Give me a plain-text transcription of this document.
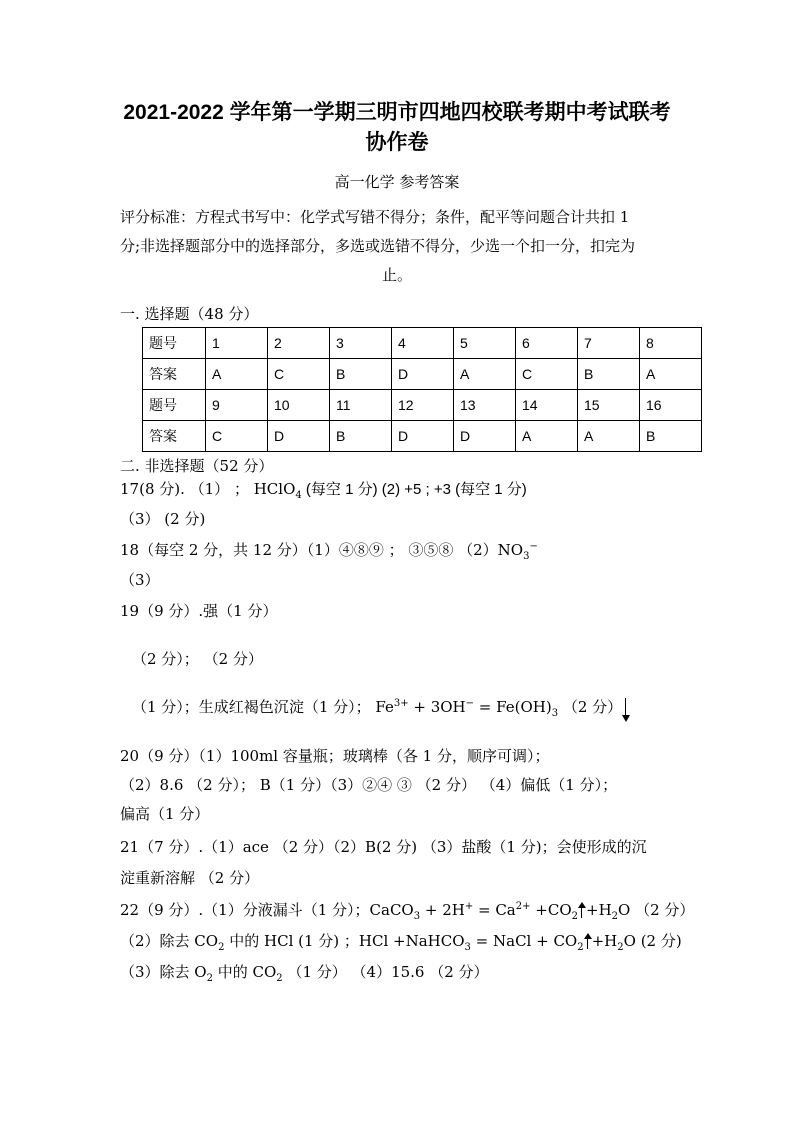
2021-2022 学年第一学期三明市四地四校联考期中考试联考
协作卷
高一化学 参考答案
评分标准：方程式书写中：化学式写错不得分；条件，配平等问题合计共扣 1
分;非选择题部分中的选择部分，多选或选错不得分，少选一个扣一分，扣完为
止。
一. 选择题（48 分）
题号	1	2	3	4	5	6	7	8
答案	A	C	B	D	A	C	B	A
题号	9	10	11	12	13	14	15	16
答案	C	D	B	D	D	A	A	B
二. 非选择题（52 分）
17(8 分). （1） ； HClO$_4$ (每空 1 分) (2) +5 ; +3 (每空 1 分)
（3） (2 分)
18（每空 2 分，共 12 分）（1）④⑧⑨ ； ③⑤⑧ $(2)NO_3^-$
（3）
19（9 分）.强（1 分）
（2 分）； （2 分）
（1 分）；生成红褐色沉淀（1 分）； $Fe^{3+} + 3OH^- = Fe(OH)_3$ （2 分）
20（9 分）（1）100ml 容量瓶；玻璃棒（各 1 分，顺序可调）；
（2）8.6 （2 分）； B（1 分）（3）②④ ③ （2 分） （4）偏低（1 分）；
偏高（1 分）
21（7 分）.（1）ace （2 分）（2）B(2 分) （3）盐酸（1 分)；会使形成的沉
淀重新溶解 （2 分）
22（9 分）.（1）分液漏斗（1 分）；CaCO$_3$ + $2H^+ = Ca^{2+} +CO_2 +H_2O$ （2 分）
（2）除去 $CO_2$ 中的 HCl (1 分) ；HCl +NaHCO$_3$ = NaCl + $CO_2 +H_2O$ (2 分)
（3）除去 $O_2$ 中的 $CO_2$ （1 分） （4）15.6 （2 分）
